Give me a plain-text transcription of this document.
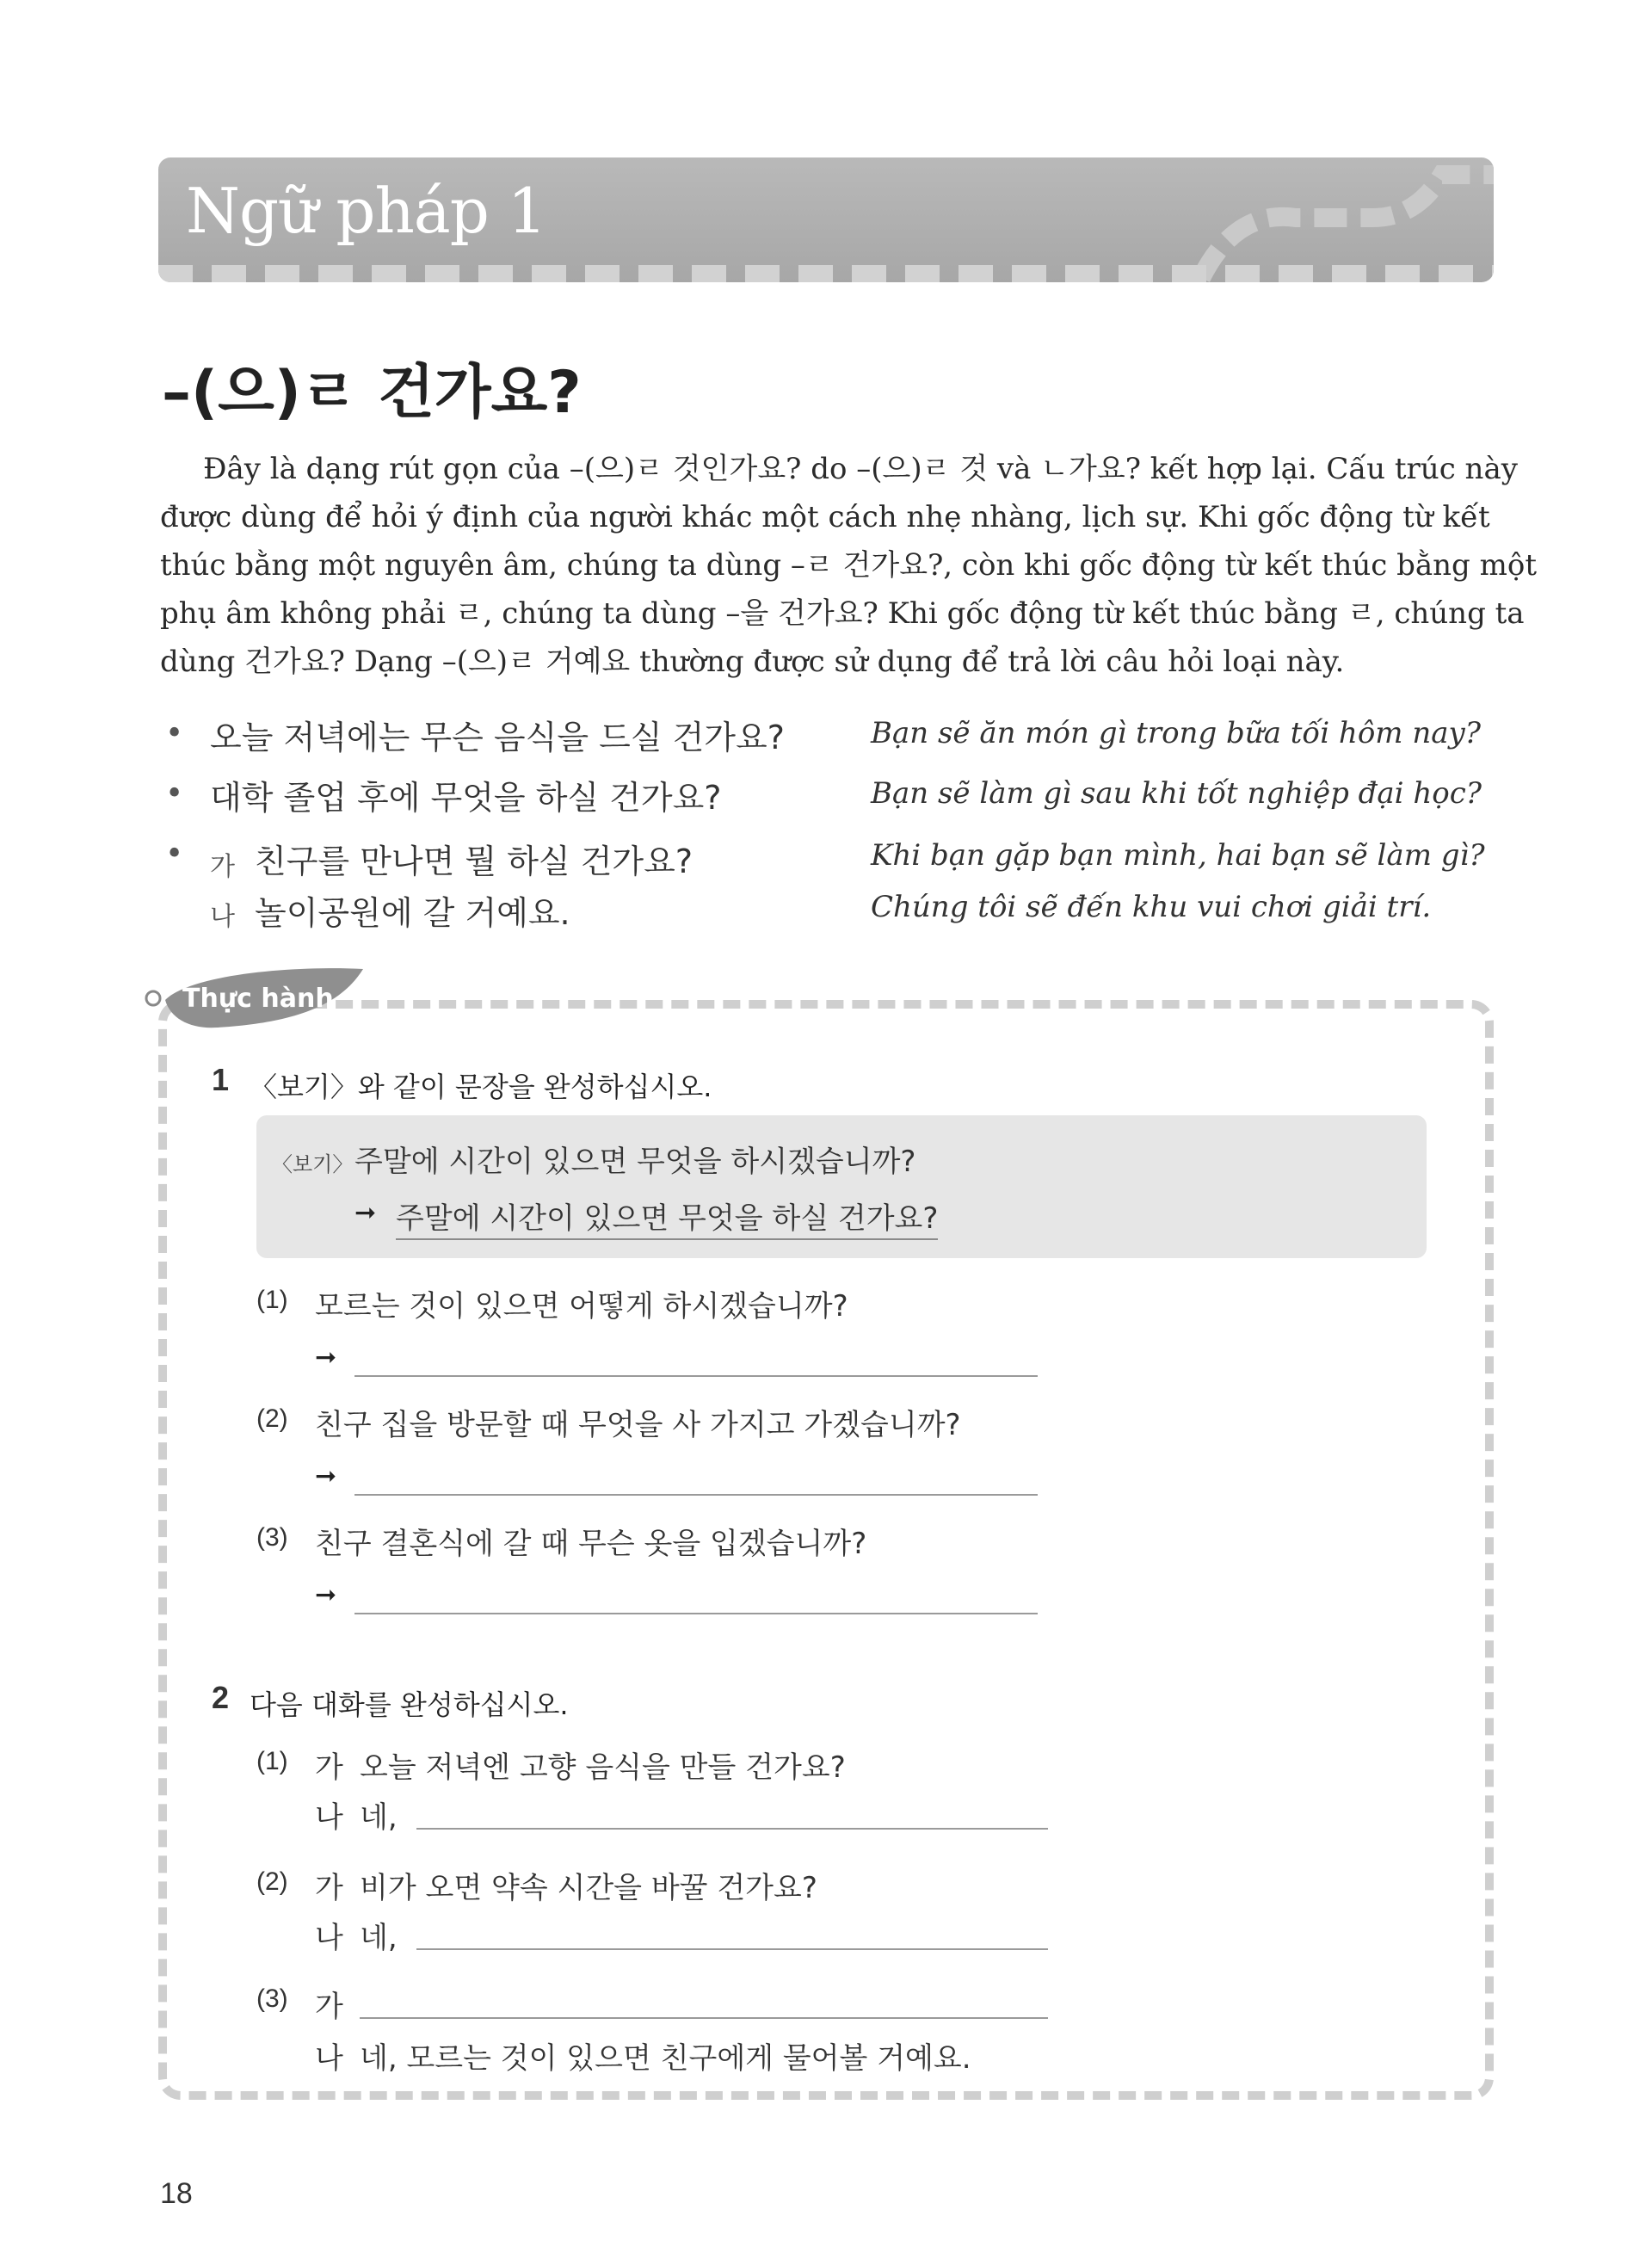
Ngữ pháp 1
–(으)ㄹ 건가요?
Đây là dạng rút gọn của –(으)ㄹ 것인가요? do –(으)ㄹ 것 và ㄴ가요? kết hợp lại. Cấu trúc này
được dùng để hỏi ý định của người khác một cách nhẹ nhàng, lịch sự. Khi gốc động từ kết
thúc bằng một nguyên âm, chúng ta dùng –ㄹ 건가요?, còn khi gốc động từ kết thúc bằng một
phụ âm không phải ㄹ, chúng ta dùng –을 건가요? Khi gốc động từ kết thúc bằng ㄹ, chúng ta
dùng 건가요? Dạng –(으)ㄹ 거예요 thường được sử dụng để trả lời câu hỏi loại này.
• 오늘 저녁에는 무슨 음식을 드실 건가요?	Bạn sẽ ăn món gì trong bữa tối hôm nay?
• 대학 졸업 후에 무엇을 하실 건가요?	Bạn sẽ làm gì sau khi tốt nghiệp đại học?
• 가 친구를 만나면 뭘 하실 건가요?	Khi bạn gặp bạn mình, hai bạn sẽ làm gì?
나 놀이공원에 갈 거예요.	Chúng tôi sẽ đến khu vui chơi giải trí.
Thực hành
1 〈보기〉와 같이 문장을 완성하십시오.
〈보기〉 주말에 시간이 있으면 무엇을 하시겠습니까?
➞ 주말에 시간이 있으면 무엇을 하실 건가요?
(1) 모르는 것이 있으면 어떻게 하시겠습니까?
➞
(2) 친구 집을 방문할 때 무엇을 사 가지고 가겠습니까?
➞
(3) 친구 결혼식에 갈 때 무슨 옷을 입겠습니까?
➞
2 다음 대화를 완성하십시오.
(1) 가 오늘 저녁엔 고향 음식을 만들 건가요?
나 네,
(2) 가 비가 오면 약속 시간을 바꿀 건가요?
나 네,
(3) 가
나 네, 모르는 것이 있으면 친구에게 물어볼 거예요.
18
